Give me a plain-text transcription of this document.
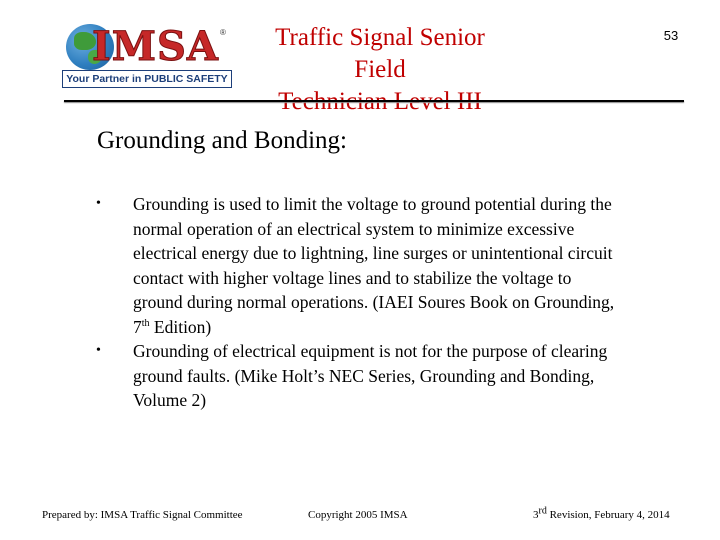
IMSA ®
Your Partner in PUBLIC SAFETY
Traffic Signal Senior Field
Technician Level III
53
Grounding and Bonding:
•	Grounding is used to limit the voltage to ground potential during the normal operation of an electrical system to minimize excessive electrical energy due to lightning, line surges or unintentional circuit contact with higher voltage lines and to stabilize the voltage to ground during normal operations. (IAEI Soures Book on Grounding, 7th Edition)
•	Grounding of electrical equipment is not for the purpose of clearing ground faults. (Mike Holt’s NEC Series, Grounding and Bonding, Volume 2)
Prepared by: IMSA Traffic Signal Committee	Copyright 2005 IMSA	3rd Revision, February 4, 2014
